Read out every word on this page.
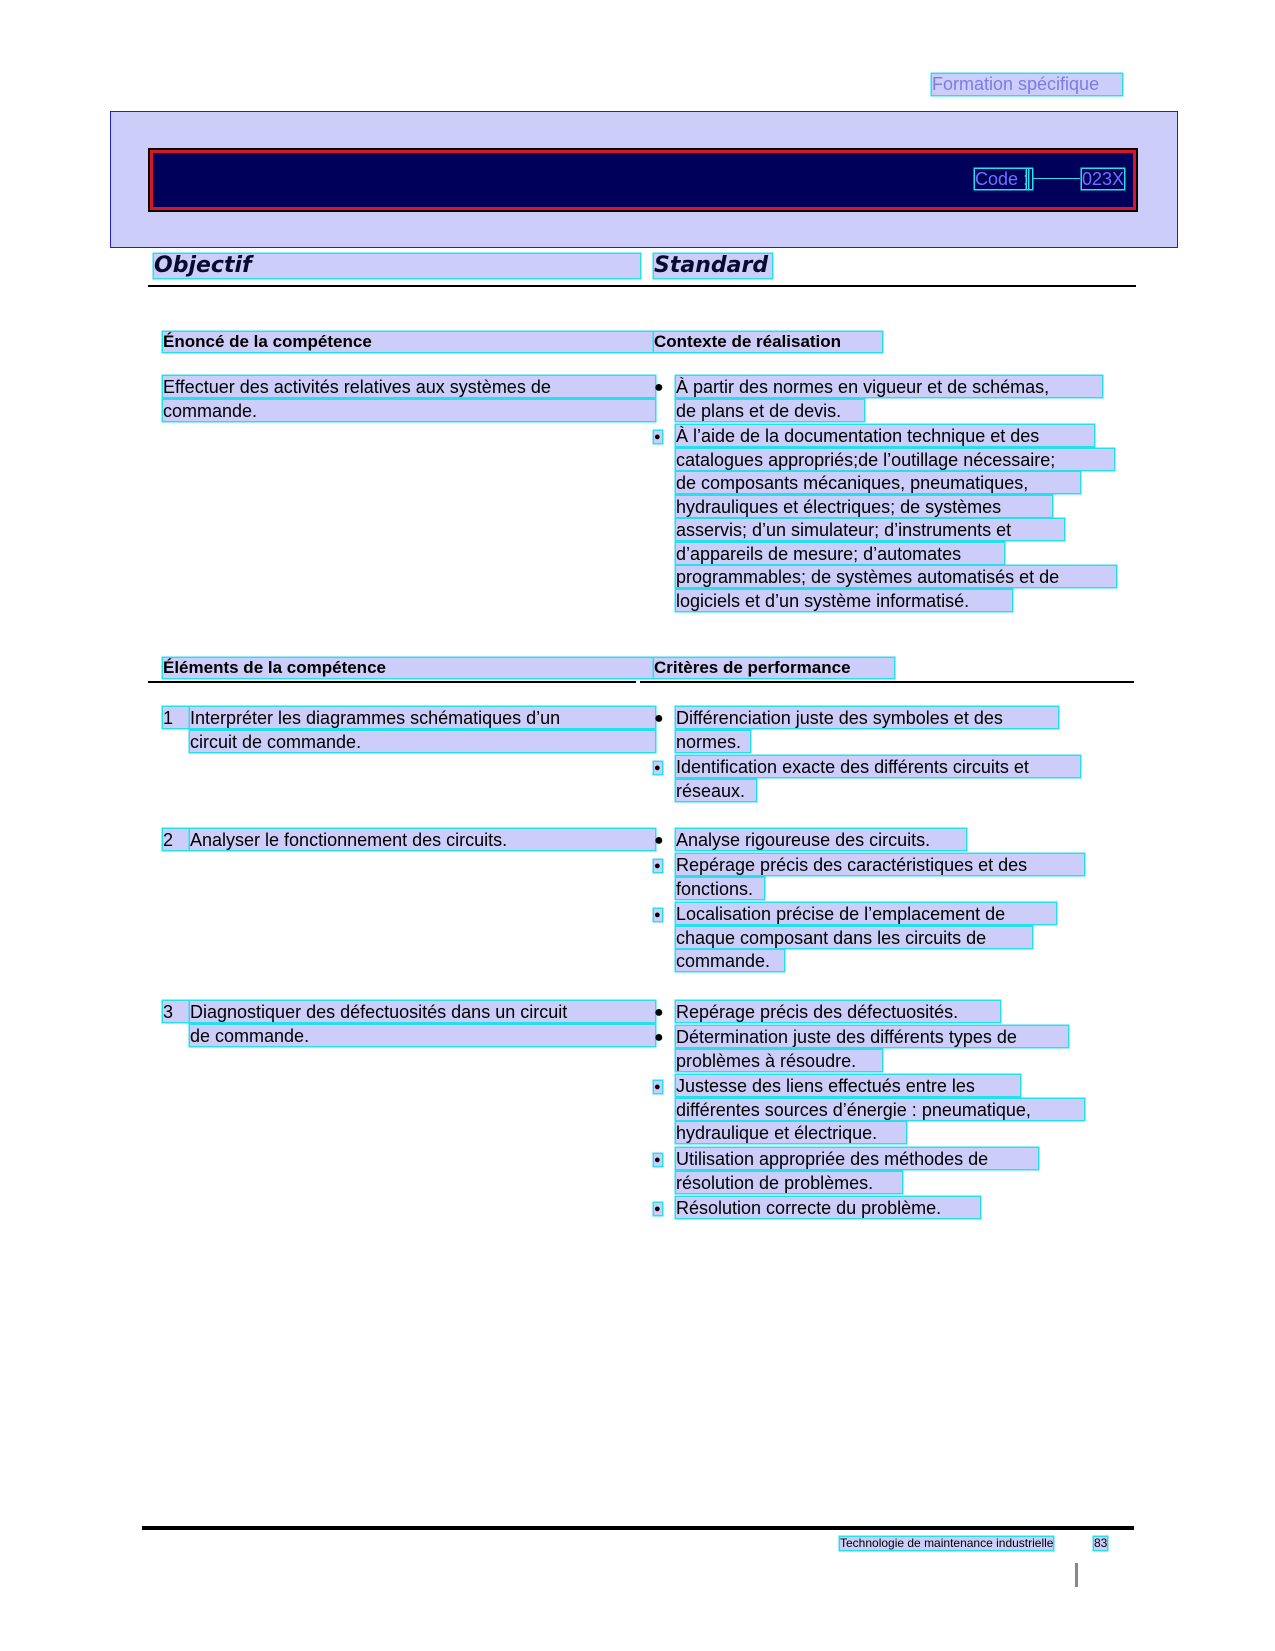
Formation spécifique
Code :	023X
Objectif	Standard
Énoncé de la compétence	Contexte de réalisation
Effectuer des activités relatives aux systèmes de
commande.
● À partir des normes en vigueur et de schémas,
de plans et de devis.
● À l’aide de la documentation technique et des
catalogues appropriés;de l’outillage nécessaire;
de composants mécaniques, pneumatiques,
hydrauliques et électriques; de systèmes
asservis; d’un simulateur; d’instruments et
d’appareils de mesure; d’automates
programmables; de systèmes automatisés et de
logiciels et d’un système informatisé.
Éléments de la compétence	Critères de performance
1 Interpréter les diagrammes schématiques d’un
circuit de commande.
● Différenciation juste des symboles et des
normes.
● Identification exacte des différents circuits et
réseaux.
2 Analyser le fonctionnement des circuits.	● Analyse rigoureuse des circuits.
● Repérage précis des caractéristiques et des
fonctions.
● Localisation précise de l’emplacement de
chaque composant dans les circuits de
commande.
3 Diagnostiquer des défectuosités dans un circuit
de commande.
● Repérage précis des défectuosités.
● Détermination juste des différents types de
problèmes à résoudre.
● Justesse des liens effectués entre les
différentes sources d’énergie : pneumatique,
hydraulique et électrique.
● Utilisation appropriée des méthodes de
résolution de problèmes.
● Résolution correcte du problème.
Technologie de maintenance industrielle	83
